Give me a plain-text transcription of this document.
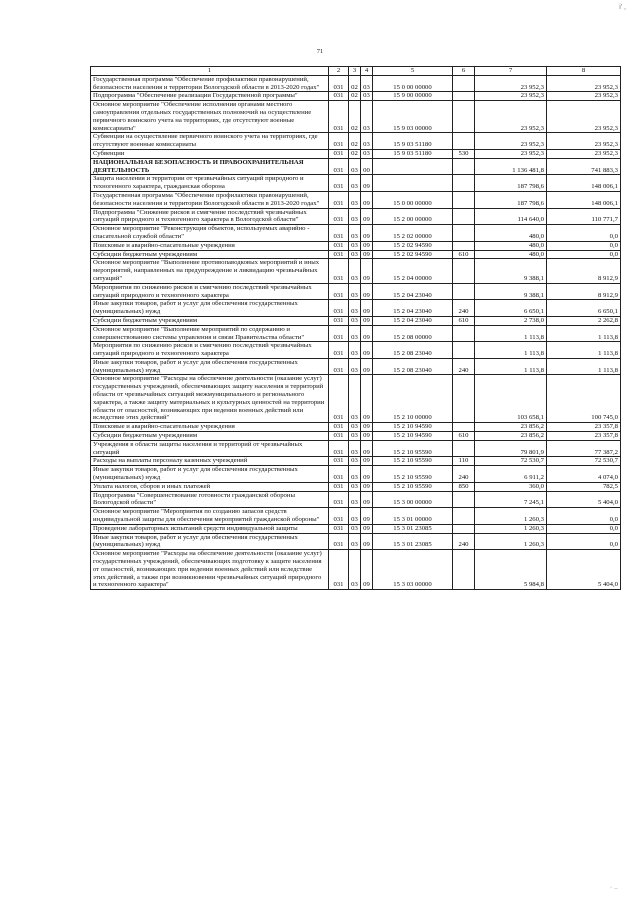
i’ ,
71
1	2	3	4	5	6	7	8
Государственная программа "Обеспечение профилактики правонарушений, безопасности населения и территории Вологодской области в 2013-2020 годах"	031	02	03	15 0 00 00000		23 952,3	23 952,3
Подпрограмма "Обеспечение реализации Государственной программы"	031	02	03	15 9 00 00000		23 952,3	23 952,3
Основное мероприятие "Обеспечение исполнения органами местного самоуправления отдельных государственных полномочий на осуществление первичного воинского учета на территориях, где отсутствуют военные комиссариаты"	031	02	03	15 9 03 00000		23 952,3	23 952,3
Субвенции на осуществление первичного воинского учета на территориях, где отсутствуют военные комиссариаты	031	02	03	15 9 03 51180		23 952,3	23 952,3
Субвенции	031	02	03	15 9 03 51180	530	23 952,3	23 952,3
НАЦИОНАЛЬНАЯ БЕЗОПАСНОСТЬ И ПРАВООХРАНИТЕЛЬНАЯ ДЕЯТЕЛЬНОСТЬ	031	03	00			1 136 481,8	741 883,3
Защита населения и территории от чрезвычайных ситуаций природного и техногенного характера, гражданская оборона	031	03	09			187 798,6	148 006,1
Государственная программа "Обеспечение профилактики правонарушений, безопасности населения и территории Вологодской области в 2013-2020 годах"	031	03	09	15 0 00 00000		187 798,6	148 006,1
Подпрограмма "Снижение рисков и смягчение последствий чрезвычайных ситуаций природного и техногенного характера в Вологодской области"	031	03	09	15 2 00 00000		114 640,0	110 771,7
Основное мероприятие "Реконструкция объектов, используемых аварийно - спасательной службой области"	031	03	09	15 2 02 00000		480,0	0,0
Поисковые и аварийно-спасательные учреждения	031	03	09	15 2 02 94590		480,0	0,0
Субсидии бюджетным учреждениям	031	03	09	15 2 02 94590	610	480,0	0,0
Основное мероприятие "Выполнение противопаводковых мероприятий и иных мероприятий, направленных на предупреждение и ликвидацию чрезвычайных ситуаций"	031	03	09	15 2 04 00000		9 388,1	8 912,9
Мероприятия по снижению рисков и смягчению последствий чрезвычайных ситуаций природного и техногенного характера	031	03	09	15 2 04 23040		9 388,1	8 912,9
Иные закупки товаров, работ и услуг для обеспечения государственных (муниципальных) нужд	031	03	09	15 2 04 23040	240	6 650,1	6 650,1
Субсидии бюджетным учреждениям	031	03	09	15 2 04 23040	610	2 738,0	2 262,8
Основное мероприятие "Выполнение мероприятий по содержанию и совершенствованию системы управления и связи Правительства области"	031	03	09	15 2 08 00000		1 113,8	1 113,8
Мероприятия по снижению рисков и смягчению последствий чрезвычайных ситуаций природного и техногенного характера	031	03	09	15 2 08 23040		1 113,8	1 113,8
Иные закупки товаров, работ и услуг для обеспечения государственных (муниципальных) нужд	031	03	09	15 2 08 23040	240	1 113,8	1 113,8
Основное мероприятие "Расходы на обеспечение деятельности (оказание услуг) государственных учреждений, обеспечивающих защиту населения и территорий области от чрезвычайных ситуаций межмуниципального и регионального характера, а также защиту материальных и культурных ценностей на территории области от опасностей, возникающих при ведении военных действий или вследствие этих действий"	031	03	09	15 2 10 00000		103 658,1	100 745,0
Поисковые и аварийно-спасательные учреждения	031	03	09	15 2 10 94590		23 856,2	23 357,8
Субсидии бюджетным учреждениям	031	03	09	15 2 10 94590	610	23 856,2	23 357,8
Учреждения в области защиты населения и территорий от чрезвычайных ситуаций	031	03	09	15 2 10 95590		79 801,9	77 387,2
Расходы на выплаты персоналу казенных учреждений	031	03	09	15 2 10 95590	110	72 530,7	72 530,7
Иные закупки товаров, работ и услуг для обеспечения государственных (муниципальных) нужд	031	03	09	15 2 10 95590	240	6 911,2	4 074,0
Уплата налогов, сборов и иных платежей	031	03	09	15 2 10 95590	850	360,0	782,5
Подпрограмма "Совершенствование готовности гражданской обороны Вологодской области"	031	03	09	15 3 00 00000		7 245,1	5 404,0
Основное мероприятие "Мероприятия по созданию запасов средств индивидуальной защиты для обеспечения мероприятий гражданской обороны"	031	03	09	15 3 01 00000		1 260,3	0,0
Проведение лабораторных испытаний средств индивидуальной защиты	031	03	09	15 3 01 23085		1 260,3	0,0
Иные закупки товаров, работ и услуг для обеспечения государственных (муниципальных) нужд	031	03	09	15 3 01 23085	240	1 260,3	0,0
Основное мероприятие "Расходы на обеспечение деятельности (оказание услуг) государственных учреждений, обеспечивающих подготовку к защите населения от опасностей, возникающих при ведении военных действий или вследствие этих действий, а также при возникновении чрезвычайных ситуаций природного и техногенного характера"	031	03	09	15 3 03 00000		5 984,8	5 404,0
· ..
